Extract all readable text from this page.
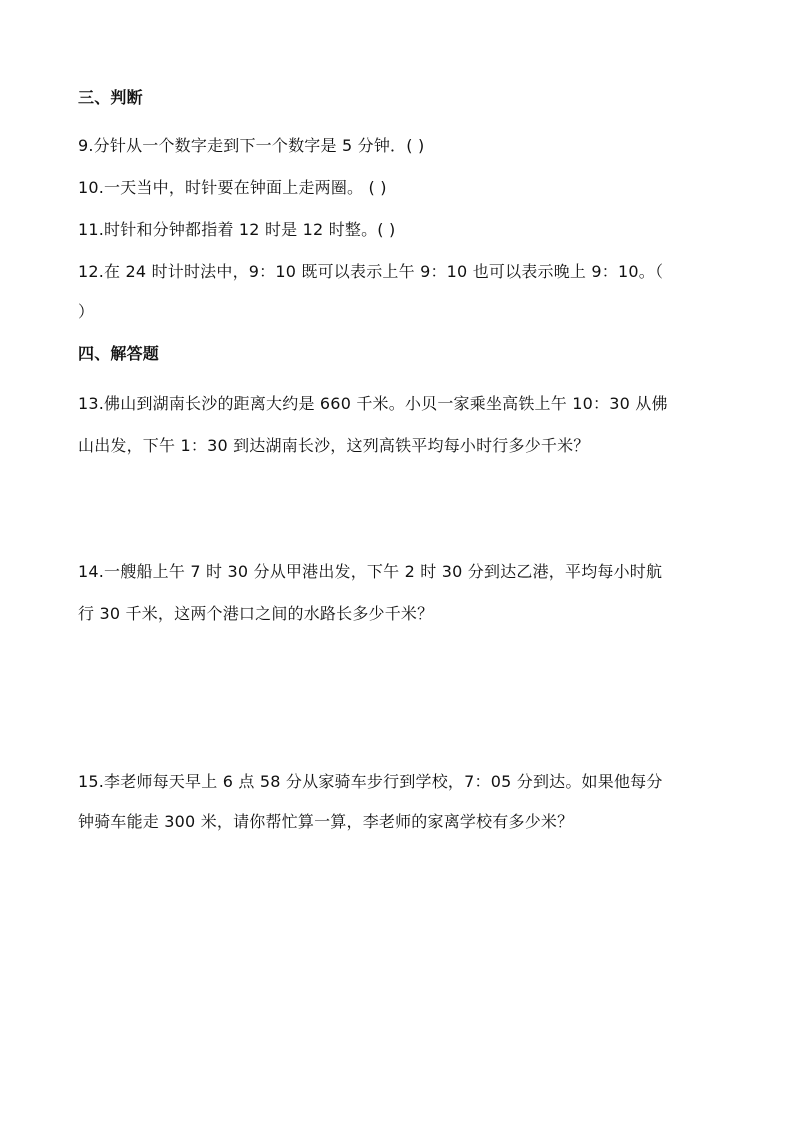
三、判断
9.分针从一个数字走到下一个数字是 5 分钟．( )
10.一天当中，时针要在钟面上走两圈。 ( )
11.时针和分钟都指着 12 时是 12 时整。( )
12.在 24 时计时法中，9：10 既可以表示上午 9：10 也可以表示晚上 9：10。（
）
四、解答题
13.佛山到湖南长沙的距离大约是 660 千米。小贝一家乘坐高铁上午 10：30 从佛
山出发，下午 1：30 到达湖南长沙，这列高铁平均每小时行多少千米？
14.一艘船上午 7 时 30 分从甲港出发，下午 2 时 30 分到达乙港，平均每小时航
行 30 千米，这两个港口之间的水路长多少千米？
15.李老师每天早上 6 点 58 分从家骑车步行到学校，7：05 分到达。如果他每分
钟骑车能走 300 米，请你帮忙算一算，李老师的家离学校有多少米？
